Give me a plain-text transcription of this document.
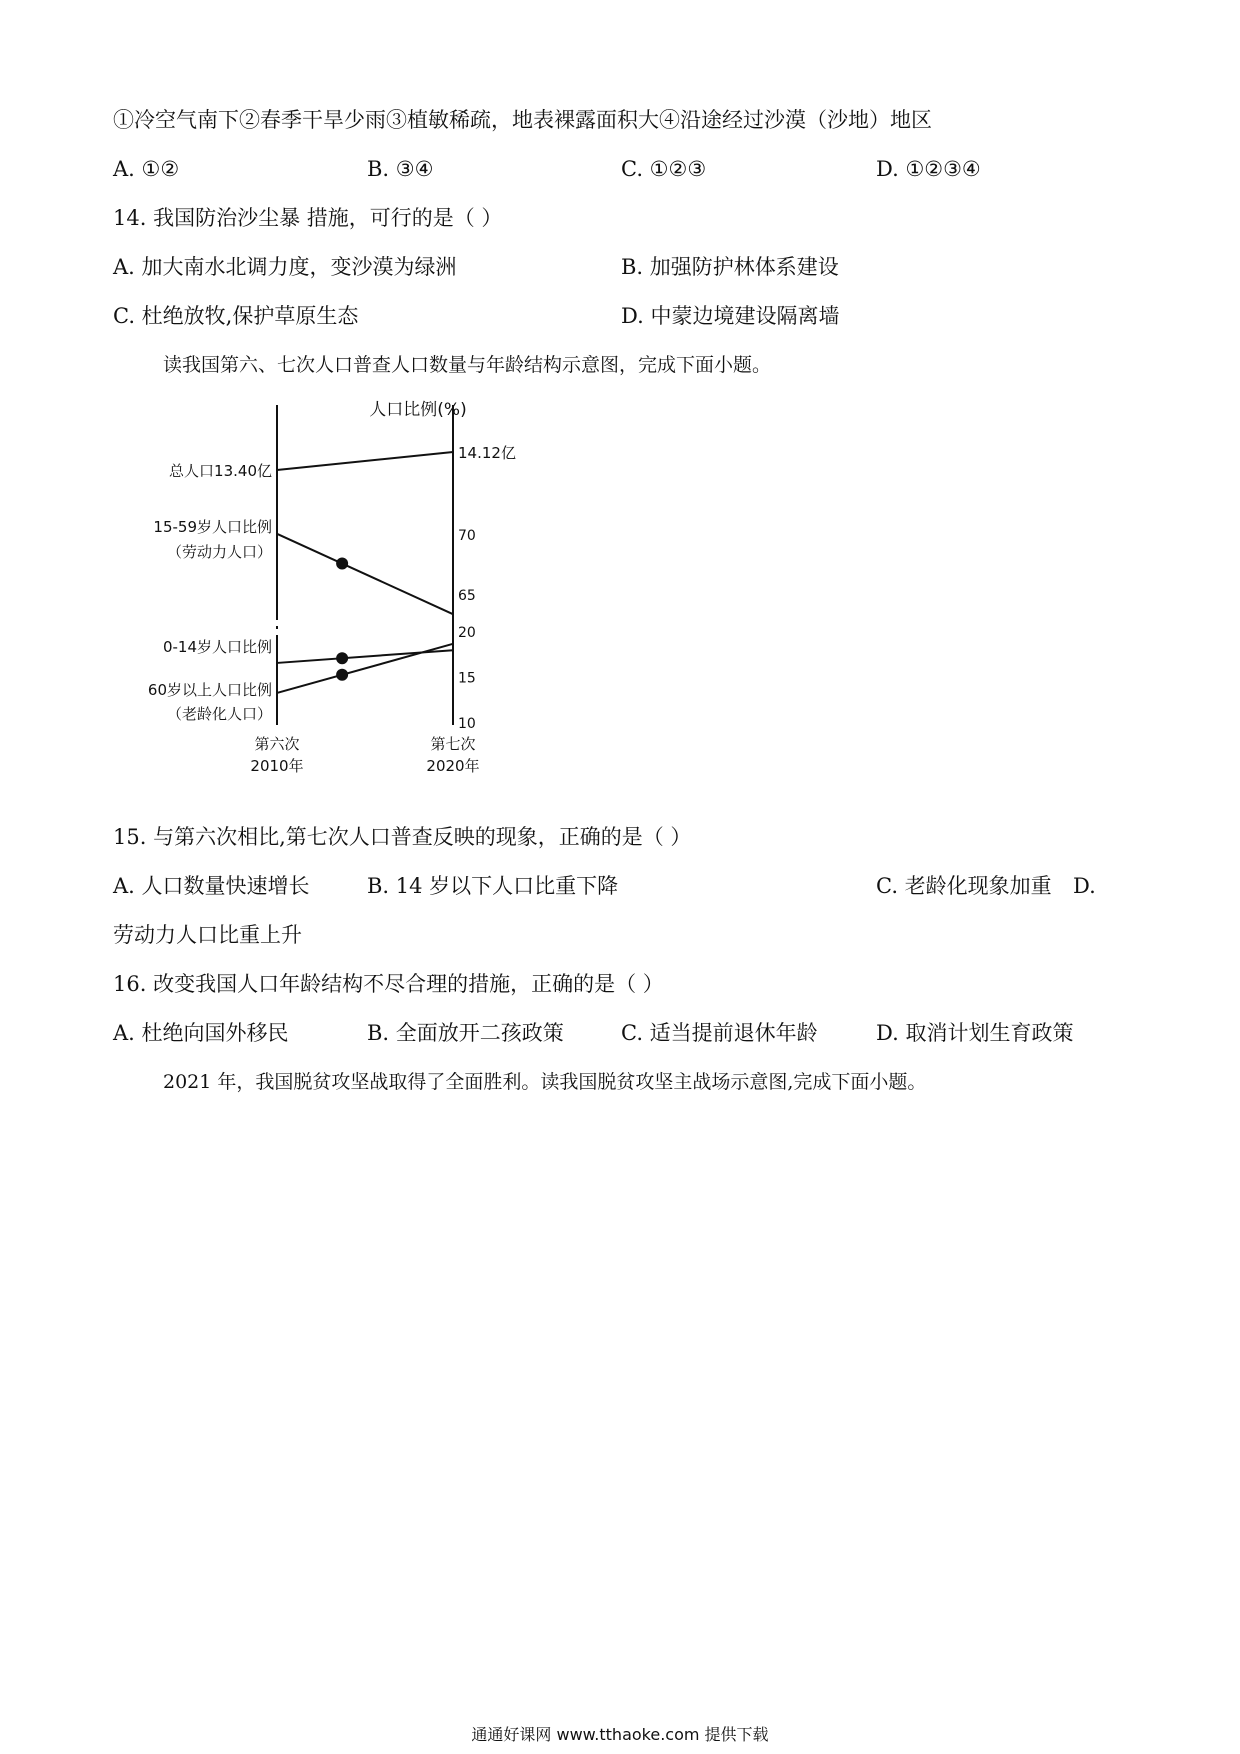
①冷空气南下②春季干旱少雨③植敏稀疏，地表裸露面积大④沿途经过沙漠（沙地）地区
A. ①②	B. ③④	C. ①②③	D. ①②③④
14. 我国防治沙尘暴 措施，可行的是（ ）
A. 加大南水北调力度，变沙漠为绿洲	B. 加强防护林体系建设
C. 杜绝放牧,保护草原生态	D. 中蒙边境建设隔离墙
读我国第六、七次人口普查人口数量与年龄结构示意图，完成下面小题。
人口比例(%)
总人口13.40亿
14.12亿
70
65
20
15
10
15-59岁人口比例
（劳动力人口）
0-14岁人口比例
60岁以上人口比例
（老龄化人口）
第六次
2010年
第七次
2020年
15. 与第六次相比,第七次人口普查反映的现象，正确的是（ ）
A. 人口数量快速增长	B. 14 岁以下人口比重下降	C. 老龄化现象加重 D.
劳动力人口比重上升
16. 改变我国人口年龄结构不尽合理的措施，正确的是（ ）
A. 杜绝向国外移民	B. 全面放开二孩政策	C. 适当提前退休年龄	D. 取消计划生育政策
2021 年，我国脱贫攻坚战取得了全面胜利。读我国脱贫攻坚主战场示意图,完成下面小题。
通通好课网 www.tthaoke.com 提供下载
